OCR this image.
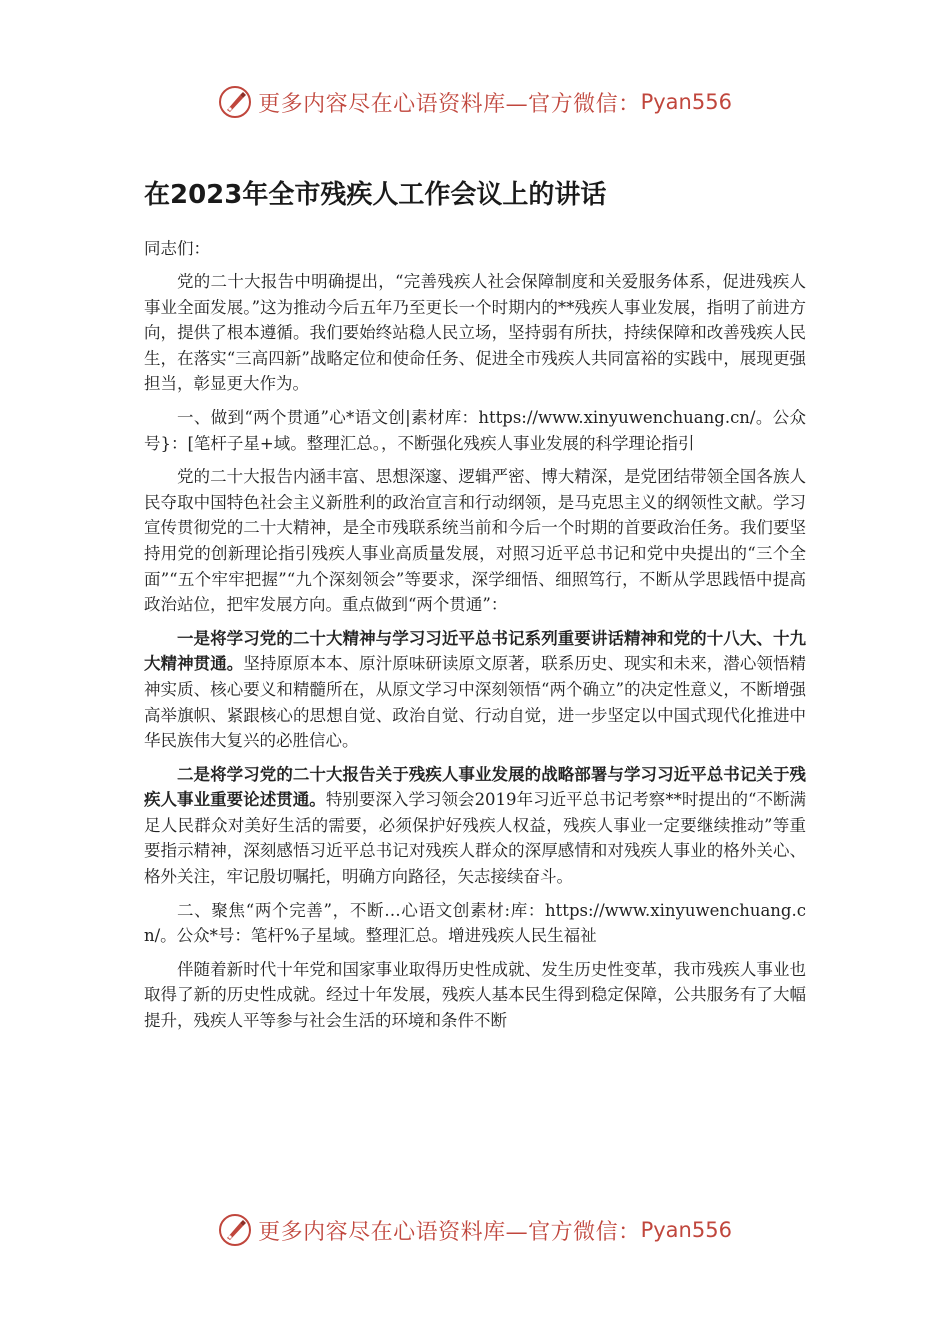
更多内容尽在心语资料库—官方微信： Pyan556
在2023年全市残疾人工作会议上的讲话
同志们：

党的二十大报告中明确提出，“完善残疾人社会保障制度和关爱服务体系，促进残疾人事业全面发展。”这为推动今后五年乃至更长一个时期内的**残疾人事业发展，指明了前进方向，提供了根本遵循。我们要始终站稳人民立场，坚持弱有所扶，持续保障和改善残疾人民生，在落实“三高四新”战略定位和使命任务、促进全市残疾人共同富裕的实践中，展现更强担当，彰显更大作为。

一、做到“两个贯通”心*语文创|素材库：https://www.xinyuwenchuang.cn/。公众号}：[笔杆子星+域。整理汇总。，不断强化残疾人事业发展的科学理论指引

党的二十大报告内涵丰富、思想深邃、逻辑严密、博大精深，是党团结带领全国各族人民夺取中国特色社会主义新胜利的政治宣言和行动纲领，是马克思主义的纲领性文献。学习宣传贯彻党的二十大精神，是全市残联系统当前和今后一个时期的首要政治任务。我们要坚持用党的创新理论指引残疾人事业高质量发展，对照习近平总书记和党中央提出的“三个全面”“五个牢牢把握”“九个深刻领会”等要求，深学细悟、细照笃行，不断从学思践悟中提高政治站位，把牢发展方向。重点做到“两个贯通”：

一是将学习党的二十大精神与学习习近平总书记系列重要讲话精神和党的十八大、十九大精神贯通。坚持原原本本、原汁原味研读原文原著，联系历史、现实和未来，潜心领悟精神实质、核心要义和精髓所在，从原文学习中深刻领悟“两个确立”的决定性意义，不断增强高举旗帜、紧跟核心的思想自觉、政治自觉、行动自觉，进一步坚定以中国式现代化推进中华民族伟大复兴的必胜信心。

二是将学习党的二十大报告关于残疾人事业发展的战略部署与学习习近平总书记关于残疾人事业重要论述贯通。特别要深入学习领会2019年习近平总书记考察**时提出的“不断满足人民群众对美好生活的需要，必须保护好残疾人权益，残疾人事业一定要继续推动”等重要指示精神，深刻感悟习近平总书记对残疾人群众的深厚感情和对残疾人事业的格外关心、格外关注，牢记殷切嘱托，明确方向路径，矢志接续奋斗。

二、聚焦“两个完善”，不断…心语文创素材:库：https://www.xinyuwenchuang.cn/。公众*号：笔杆%子星域。整理汇总。增进残疾人民生福祉

伴随着新时代十年党和国家事业取得历史性成就、发生历史性变革，我市残疾人事业也取得了新的历史性成就。经过十年发展，残疾人基本民生得到稳定保障，公共服务有了大幅提升，残疾人平等参与社会生活的环境和条件不断

更多内容尽在心语资料库—官方微信： Pyan556
